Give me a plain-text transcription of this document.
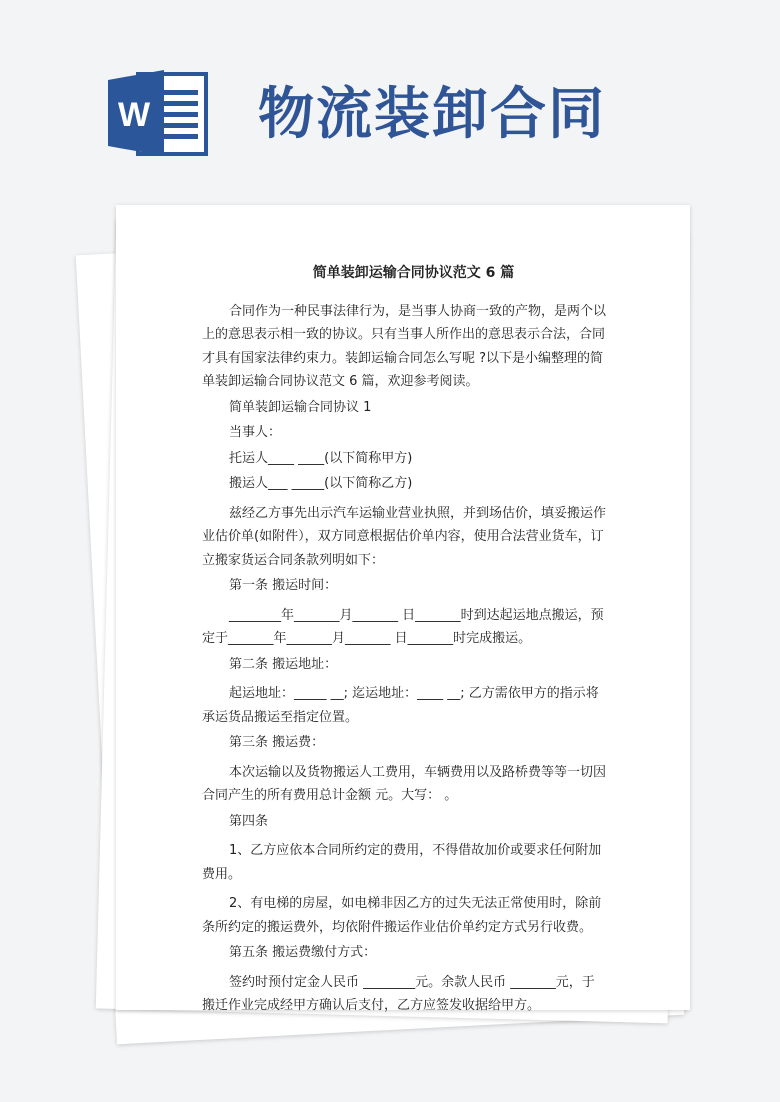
W 物流装卸合同
简单装卸运输合同协议范文 6 篇

合同作为一种民事法律行为，是当事人协商一致的产物，是两个以上的意思表示相一致的协议。只有当事人所作出的意思表示合法，合同才具有国家法律约束力。装卸运输合同怎么写呢 ?以下是小编整理的简单装卸运输合同协议范文 6 篇，欢迎参考阅读。

简单装卸运输合同协议 1

当事人：

托运人____ ____(以下简称甲方)

搬运人___ _____(以下简称乙方)

兹经乙方事先出示汽车运输业营业执照，并到场估价，填妥搬运作业估价单(如附件），双方同意根据估价单内容，使用合法营业货车，订立搬家货运合同条款列明如下：

第一条 搬运时间：

________年_______月_______ 日_______时到达起运地点搬运，预定于_______年_______月_______ 日_______时完成搬运。

第二条 搬运地址：

起运地址：_____ __; 迄运地址：____ __; 乙方需依甲方的指示将承运货品搬运至指定位置。

第三条 搬运费：

本次运输以及货物搬运人工费用，车辆费用以及路桥费等等一切因合同产生的所有费用总计金额 元。大写： 。

第四条

1、乙方应依本合同所约定的费用，不得借故加价或要求任何附加费用。

2、有电梯的房屋，如电梯非因乙方的过失无法正常使用时，除前条所约定的搬运费外，均依附件搬运作业估价单约定方式另行收费。

第五条 搬运费缴付方式：

签约时预付定金人民币 ________元。余款人民币 _______元，于搬迁作业完成经甲方确认后支付，乙方应签发收据给甲方。
